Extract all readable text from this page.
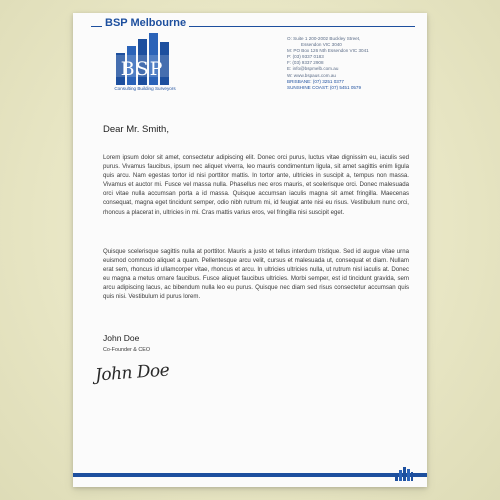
BSP Melbourne
BSP
Consulting Building Surveyors
O: Suite 1 200-2002 Buckley Street,
Essendon VIC 3040
M: PO Box 126 Nth Essendon VIC 3041
P: (03) 9337 0183
F: (03) 9337 2908
E: info@bspmelb.com.au
W: www.bspaus.com.au
BRISBANE: (07) 3251 0377
SUNSHINE COAST: (07) 5451 0579
Dear Mr. Smith,
Lorem ipsum dolor sit amet, consectetur adipiscing elit. Donec orci purus, luctus vitae dignissim eu, iaculis sed purus. Vivamus faucibus, ipsum nec aliquet viverra, leo mauris condimentum ligula, sit amet sagittis enim ligula quis arcu. Nam egestas tortor id nisi porttitor mattis. In tortor ante, ultricies in suscipit a, tempus non massa. Vivamus et auctor mi. Fusce vel massa nulla. Phasellus nec eros mauris, et scelerisque orci. Donec malesuada orci vitae nulla accumsan porta a id massa. Quisque accumsan iaculis magna sit amet fringilla. Maecenas consequat, magna eget tincidunt semper, odio nibh rutrum mi, id feugiat ante nisi eu risus. Vestibulum nunc orci, rhoncus a placerat in, ultricies in mi. Cras mattis varius eros, vel fringilla nisi suscipit eget.
Quisque scelerisque sagittis nulla at porttitor. Mauris a justo et tellus interdum tristique. Sed id augue vitae urna euismod commodo aliquet a quam. Pellentesque arcu velit, cursus et malesuada ut, consequat et diam. Nullam erat sem, rhoncus id ullamcorper vitae, rhoncus et arcu. In ultricies ultricies nulla, ut rutrum nisl iaculis at. Donec eu magna a metus ornare faucibus. Fusce aliquet faucibus ultricies. Morbi semper, est id tincidunt gravida, sem arcu adipiscing lacus, ac bibendum nulla leo eu purus. Quisque nec diam sed risus consectetur accumsan quis quis nisi. Vestibulum id purus lorem.
John Doe
Co-Founder & CEO
John Doe
